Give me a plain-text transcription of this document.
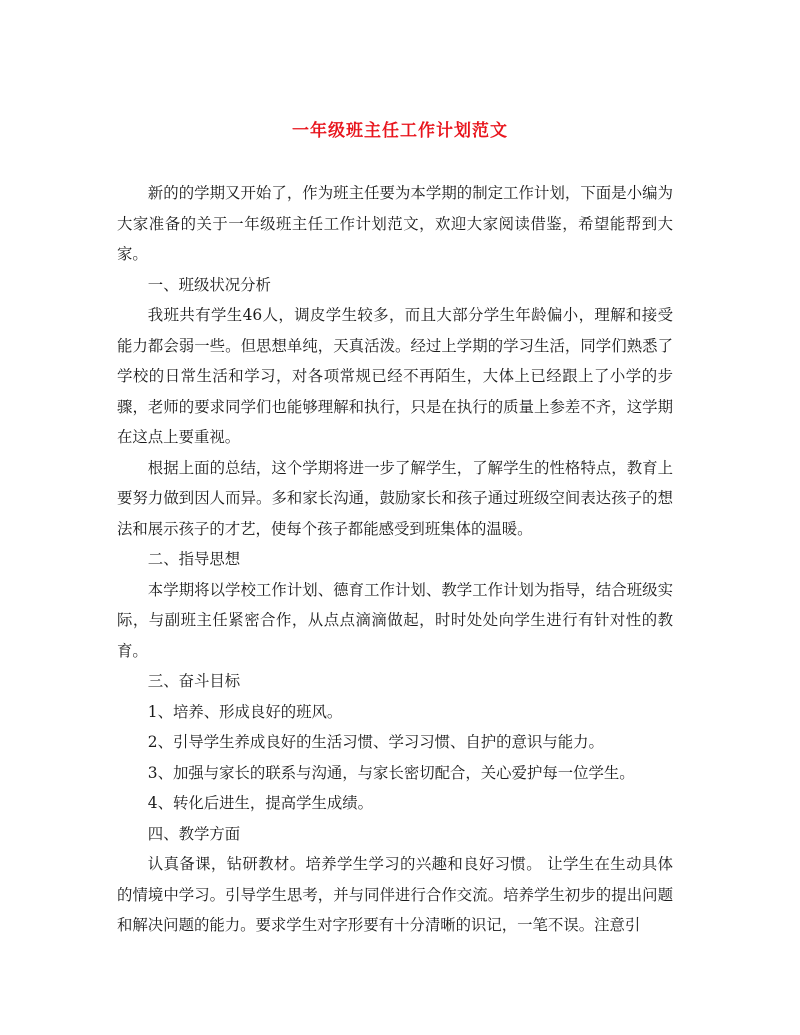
一年级班主任工作计划范文

新的的学期又开始了，作为班主任要为本学期的制定工作计划，下面是小编为大家准备的关于一年级班主任工作计划范文，欢迎大家阅读借鉴，希望能帮到大家。

一、班级状况分析

我班共有学生46人，调皮学生较多，而且大部分学生年龄偏小，理解和接受能力都会弱一些。但思想单纯，天真活泼。经过上学期的学习生活，同学们熟悉了学校的日常生活和学习，对各项常规已经不再陌生，大体上已经跟上了小学的步骤，老师的要求同学们也能够理解和执行，只是在执行的质量上参差不齐，这学期在这点上要重视。

根据上面的总结，这个学期将进一步了解学生，了解学生的性格特点，教育上要努力做到因人而异。多和家长沟通，鼓励家长和孩子通过班级空间表达孩子的想法和展示孩子的才艺，使每个孩子都能感受到班集体的温暖。

二、指导思想

本学期将以学校工作计划、德育工作计划、教学工作计划为指导，结合班级实际，与副班主任紧密合作，从点点滴滴做起，时时处处向学生进行有针对性的教育。

三、奋斗目标

1、培养、形成良好的班风。

2、引导学生养成良好的生活习惯、学习习惯、自护的意识与能力。

3、加强与家长的联系与沟通，与家长密切配合，关心爱护每一位学生。

4、转化后进生，提高学生成绩。

四、教学方面

认真备课，钻研教材。培养学生学习的兴趣和良好习惯。 让学生在生动具体的情境中学习。引导学生思考，并与同伴进行合作交流。培养学生初步的提出问题和解决问题的能力。要求学生对字形要有十分清晰的识记，一笔不误。注意引
